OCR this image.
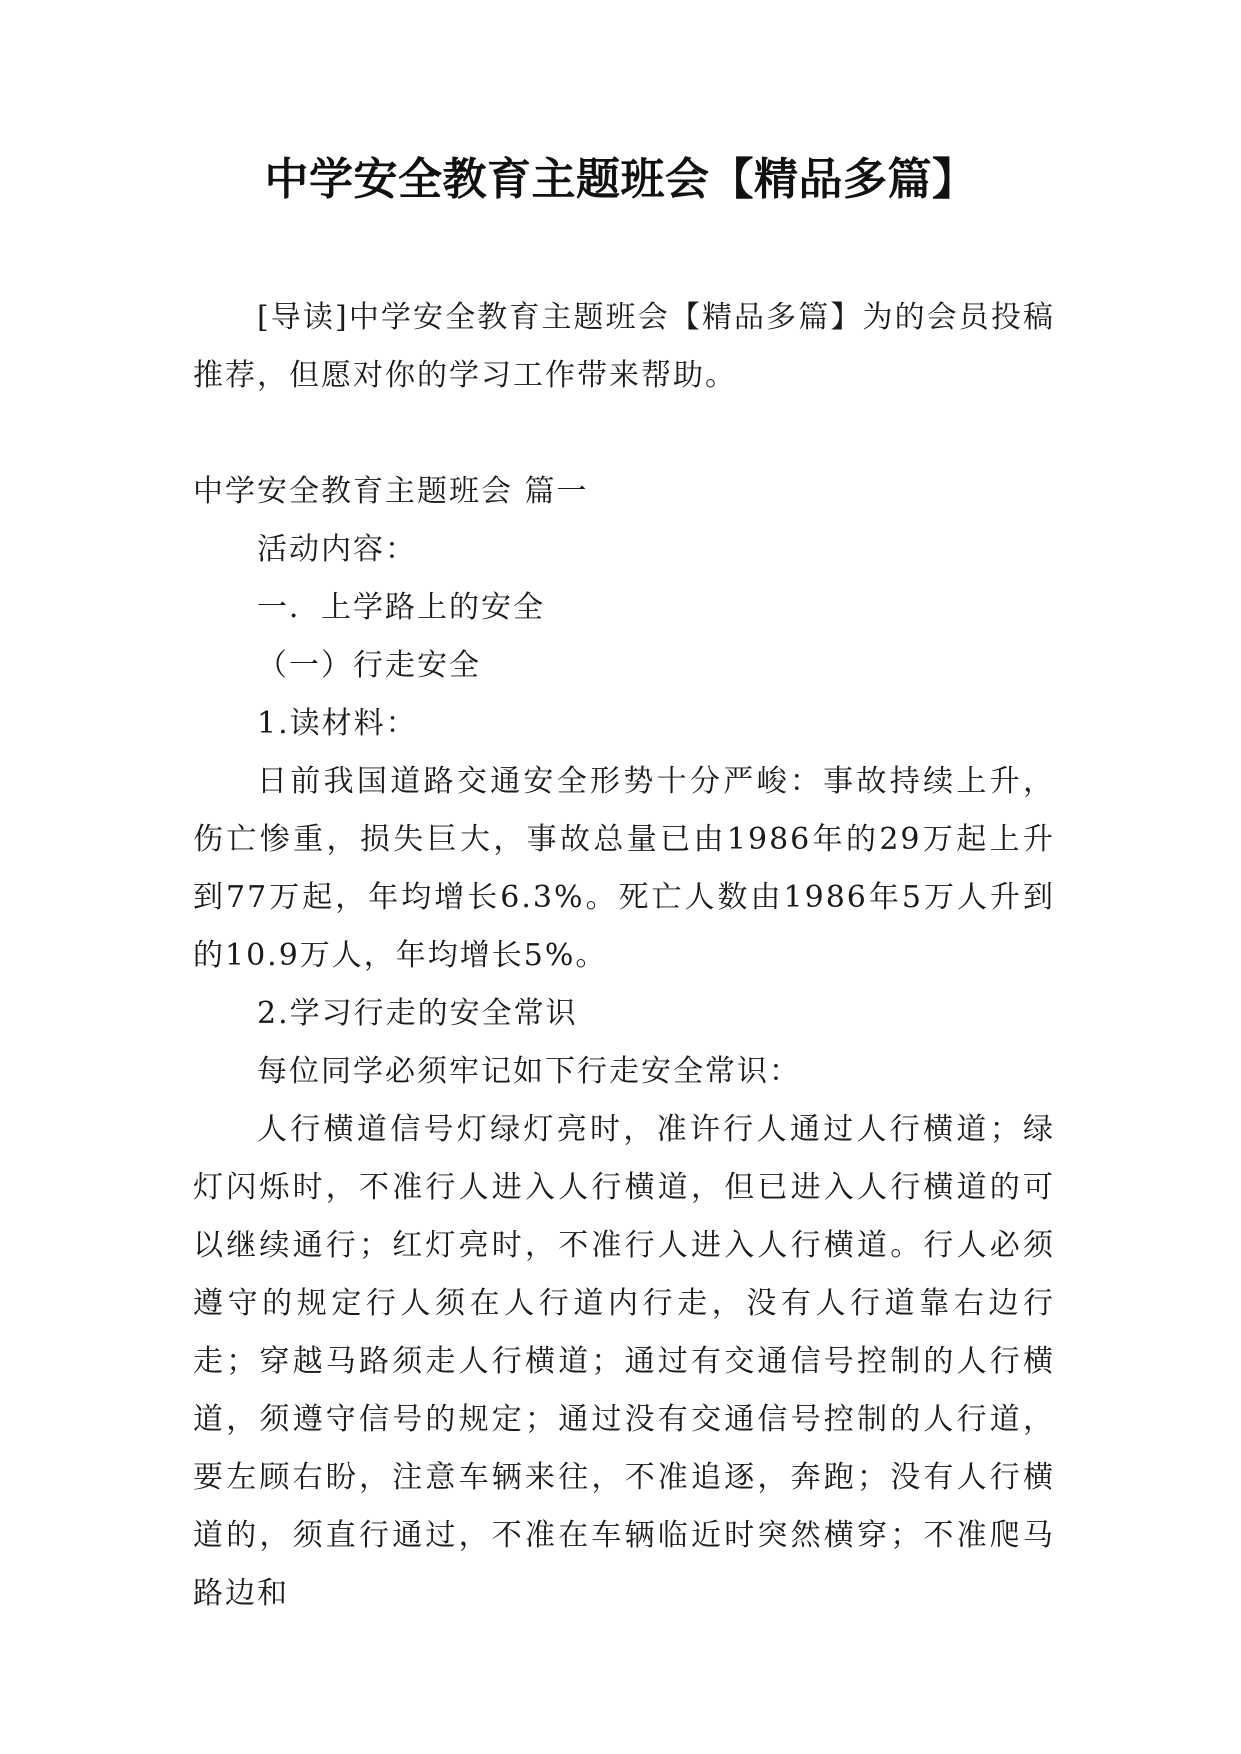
中学安全教育主题班会【精品多篇】

[导读]中学安全教育主题班会【精品多篇】为的会员投稿推荐，但愿对你的学习工作带来帮助。

中学安全教育主题班会 篇一

活动内容：

一．上学路上的安全

（一）行走安全

1.读材料：

日前我国道路交通安全形势十分严峻：事故持续上升，伤亡惨重，损失巨大，事故总量已由1986年的29万起上升到77万起，年均增长6.3%。死亡人数由1986年5万人升到的10.9万人，年均增长5%。

2.学习行走的安全常识

每位同学必须牢记如下行走安全常识：

人行横道信号灯绿灯亮时，准许行人通过人行横道；绿灯闪烁时，不准行人进入人行横道，但已进入人行横道的可以继续通行；红灯亮时，不准行人进入人行横道。行人必须遵守的规定行人须在人行道内行走，没有人行道靠右边行走；穿越马路须走人行横道；通过有交通信号控制的人行横道，须遵守信号的规定；通过没有交通信号控制的人行道，要左顾右盼，注意车辆来往，不准追逐，奔跑；没有人行横道的，须直行通过，不准在车辆临近时突然横穿；不准爬马路边和
